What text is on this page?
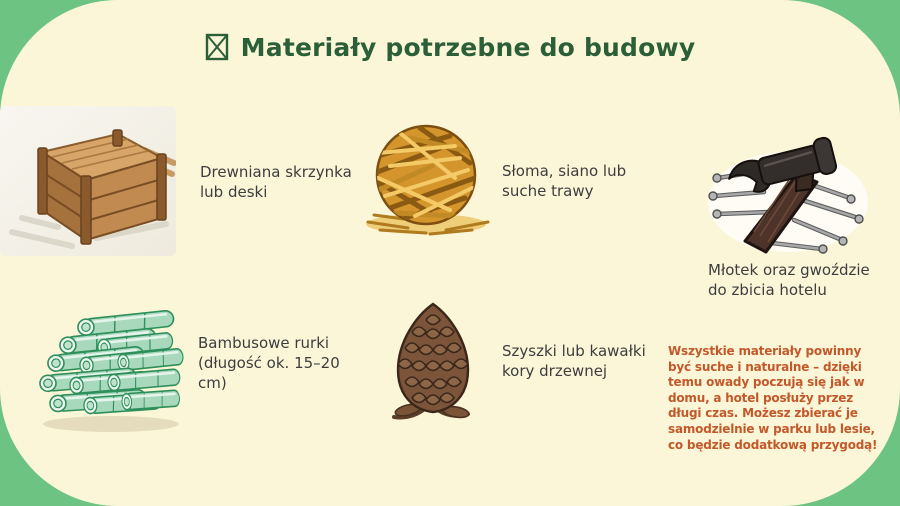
Materiały potrzebne do budowy
Drewniana skrzynka lub deski
Słoma, siano lub suche trawy
Młotek oraz gwoździe do zbicia hotelu
Bambusowe rurki (długość ok. 15–20 cm)
Szyszki lub kawałki kory drzewnej
Wszystkie materiały powinny być suche i naturalne – dzięki temu owady poczują się jak w domu, a hotel posłuży przez długi czas. Możesz zbierać je samodzielnie w parku lub lesie, co będzie dodatkową przygodą!
